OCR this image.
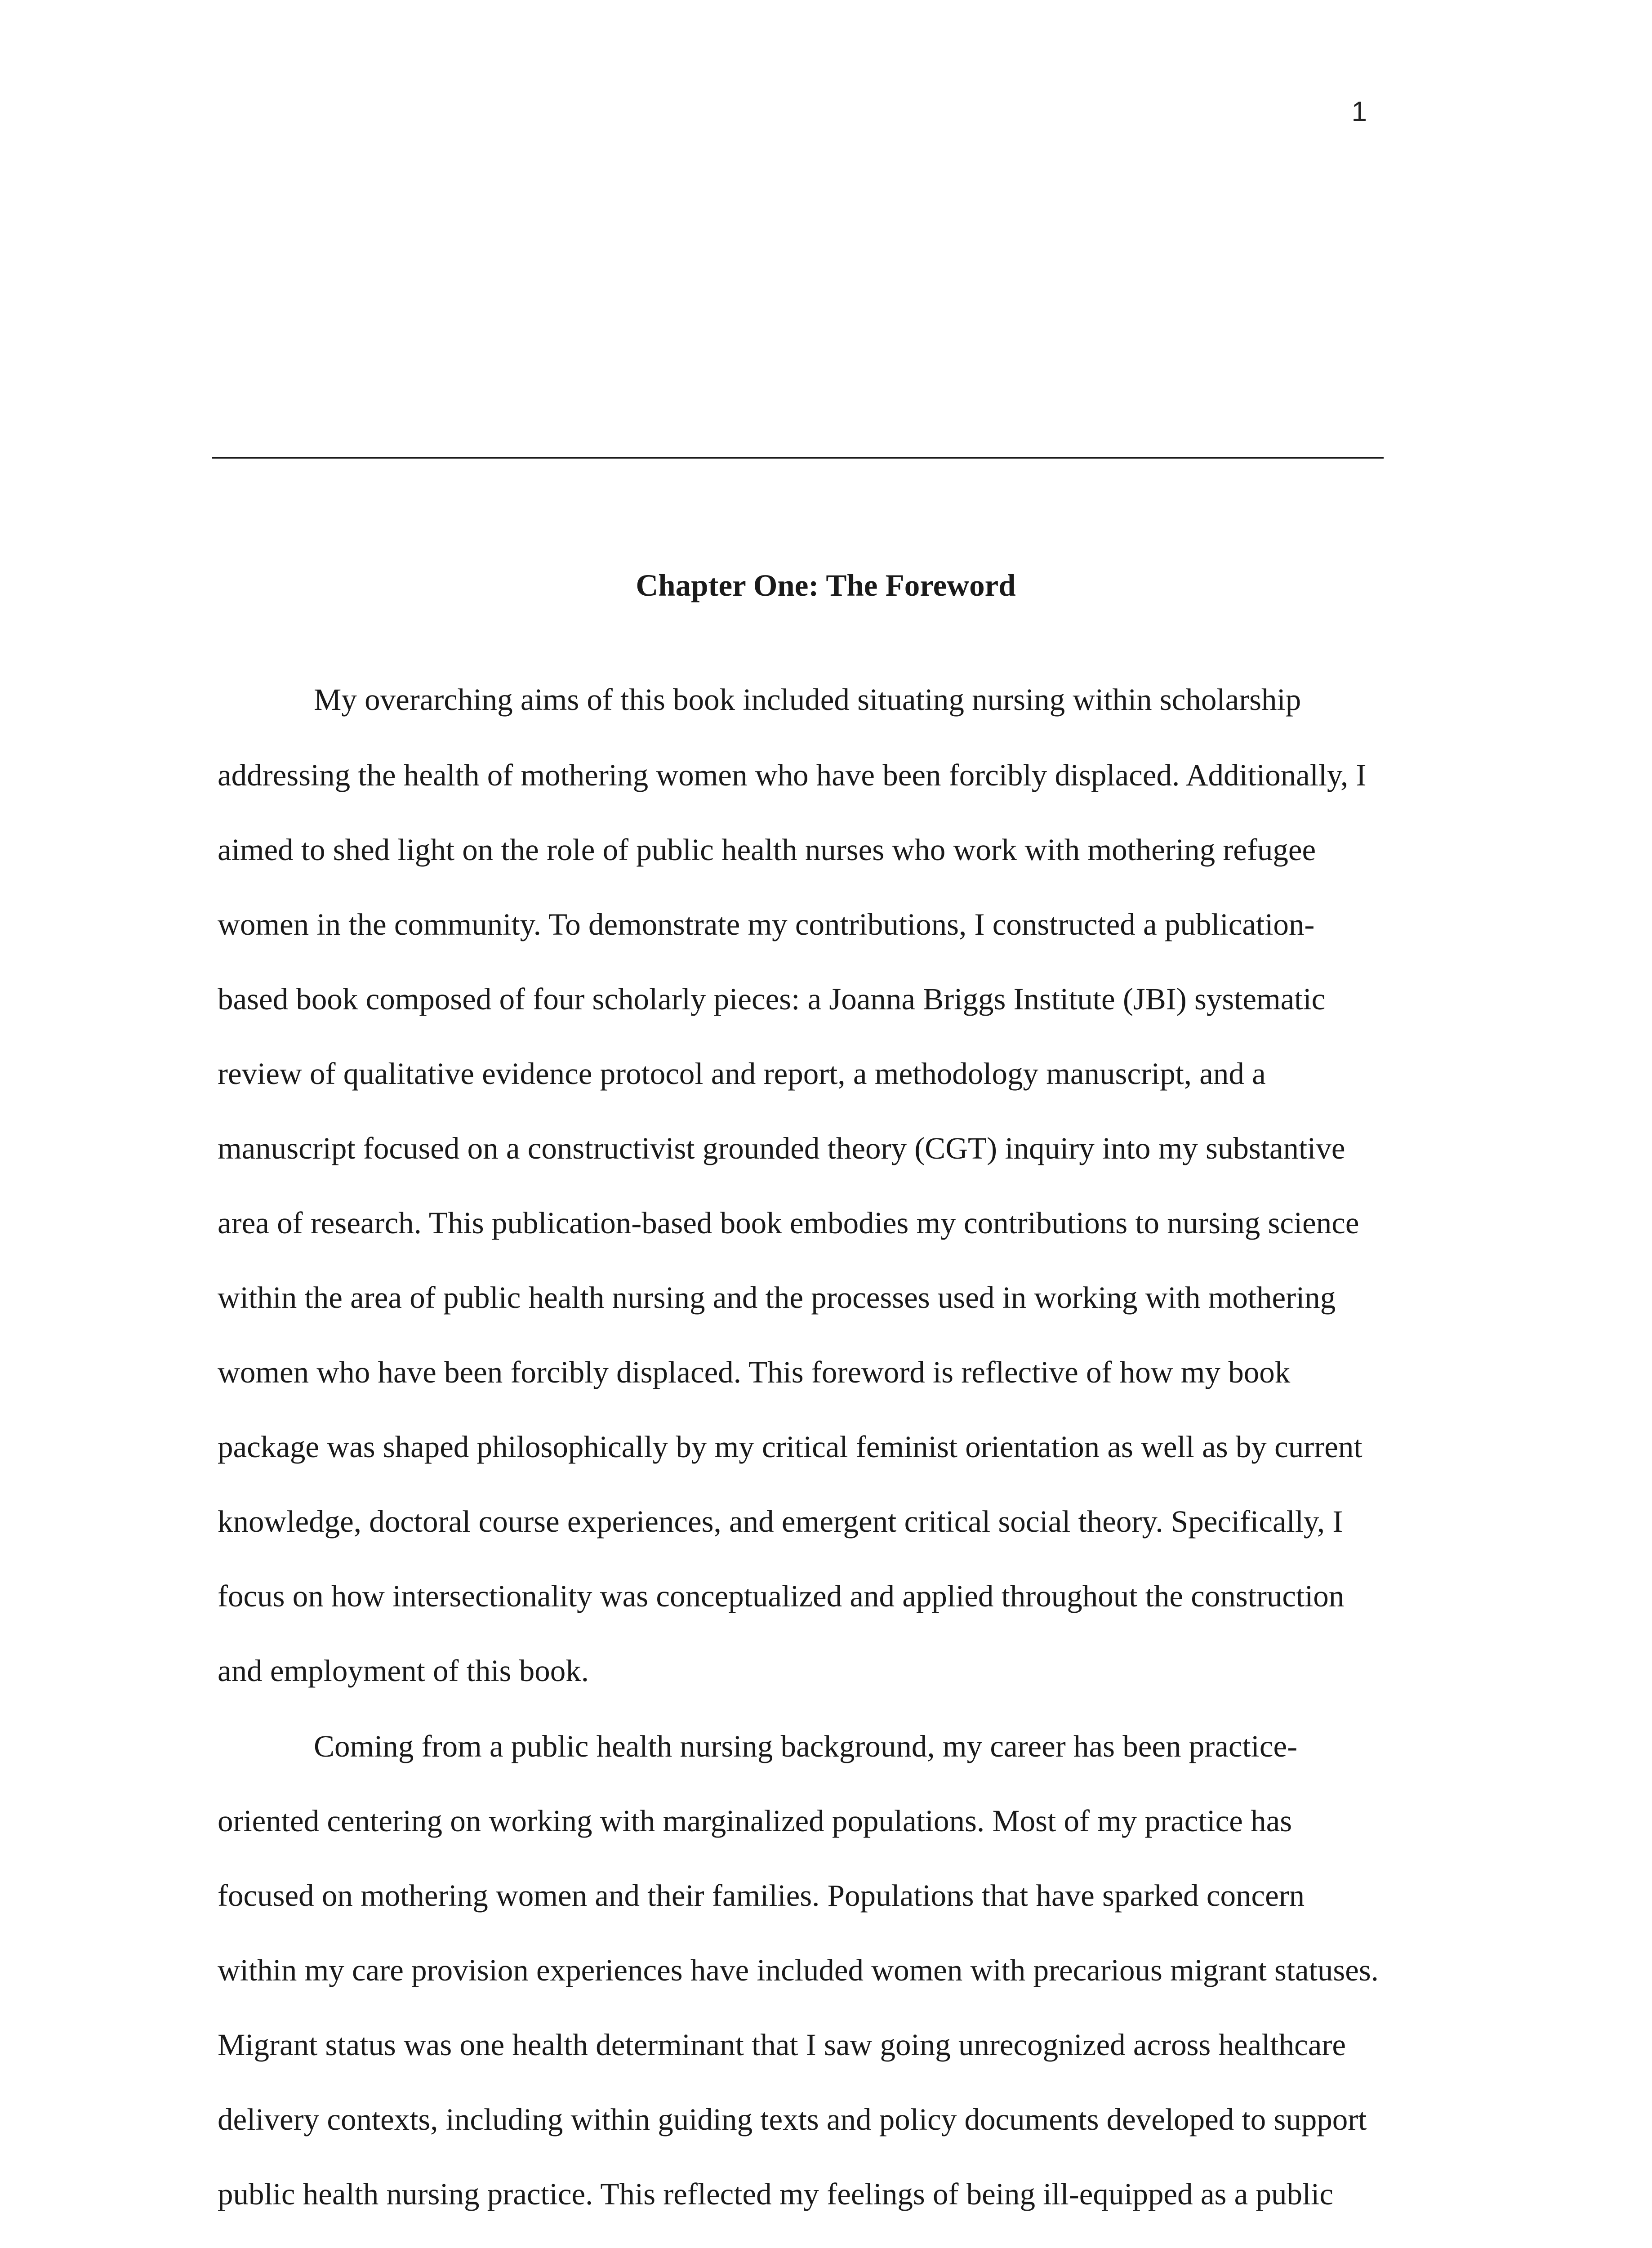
1
Chapter One: The Foreword

My overarching aims of this book included situating nursing within scholarship

addressing the health of mothering women who have been forcibly displaced. Additionally, I

aimed to shed light on the role of public health nurses who work with mothering refugee

women in the community. To demonstrate my contributions, I constructed a publication-

based book composed of four scholarly pieces: a Joanna Briggs Institute (JBI) systematic

review of qualitative evidence protocol and report, a methodology manuscript, and a

manuscript focused on a constructivist grounded theory (CGT) inquiry into my substantive

area of research. This publication-based book embodies my contributions to nursing science

within the area of public health nursing and the processes used in working with mothering

women who have been forcibly displaced. This foreword is reflective of how my book

package was shaped philosophically by my critical feminist orientation as well as by current

knowledge, doctoral course experiences, and emergent critical social theory. Specifically, I

focus on how intersectionality was conceptualized and applied throughout the construction

and employment of this book.

Coming from a public health nursing background, my career has been practice-

oriented centering on working with marginalized populations. Most of my practice has

focused on mothering women and their families. Populations that have sparked concern

within my care provision experiences have included women with precarious migrant statuses.

Migrant status was one health determinant that I saw going unrecognized across healthcare

delivery contexts, including within guiding texts and policy documents developed to support

public health nursing practice. This reflected my feelings of being ill-equipped as a public
